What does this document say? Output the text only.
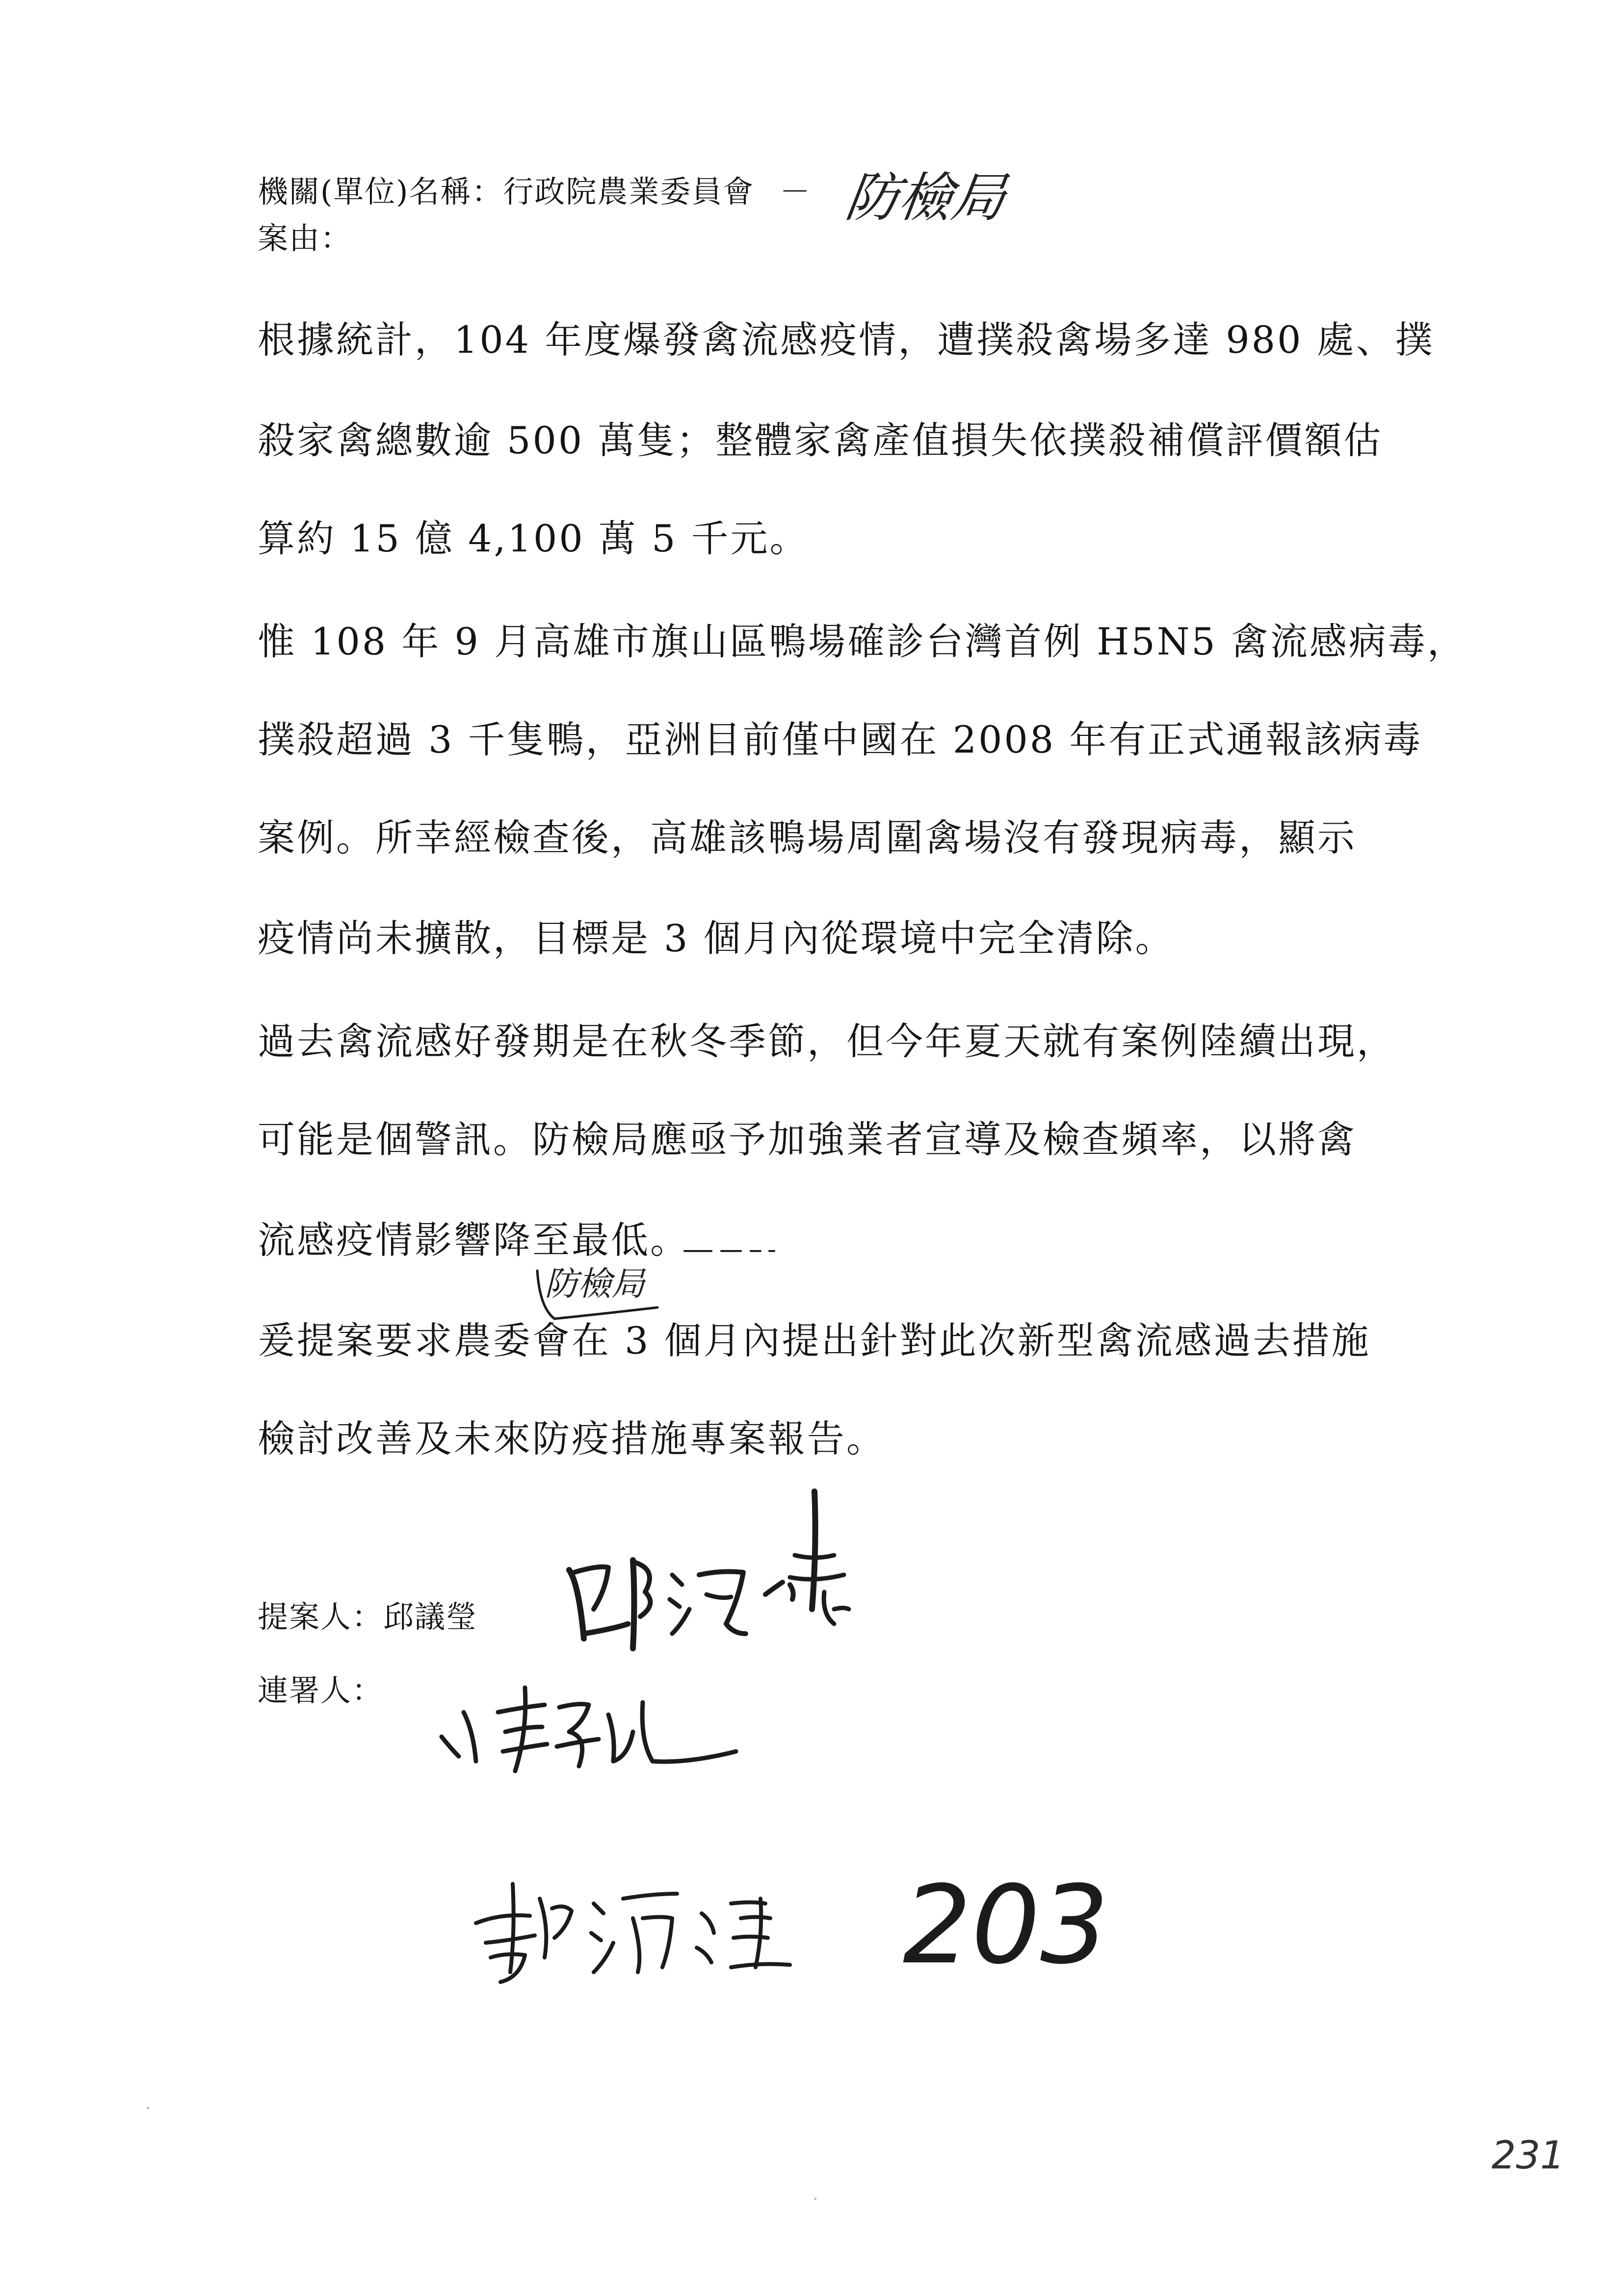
機關(單位)名稱：行政院農業委員會 － 防檢局
案由：
根據統計，104 年度爆發禽流感疫情，遭撲殺禽場多達 980 處、撲
殺家禽總數逾 500 萬隻；整體家禽產值損失依撲殺補償評價額估
算約 15 億 4,100 萬 5 千元。
惟 108 年 9 月高雄市旗山區鴨場確診台灣首例 H5N5 禽流感病毒，
撲殺超過 3 千隻鴨，亞洲目前僅中國在 2008 年有正式通報該病毒
案例。所幸經檢查後，高雄該鴨場周圍禽場沒有發現病毒，顯示
疫情尚未擴散，目標是 3 個月內從環境中完全清除。
過去禽流感好發期是在秋冬季節，但今年夏天就有案例陸續出現，
可能是個警訊。防檢局應亟予加強業者宣導及檢查頻率，以將禽
流感疫情影響降至最低。
防檢局
爰提案要求農委會在 3 個月內提出針對此次新型禽流感過去措施
檢討改善及未來防疫措施專案報告。
提案人：邱議瑩
連署人：
203
231
